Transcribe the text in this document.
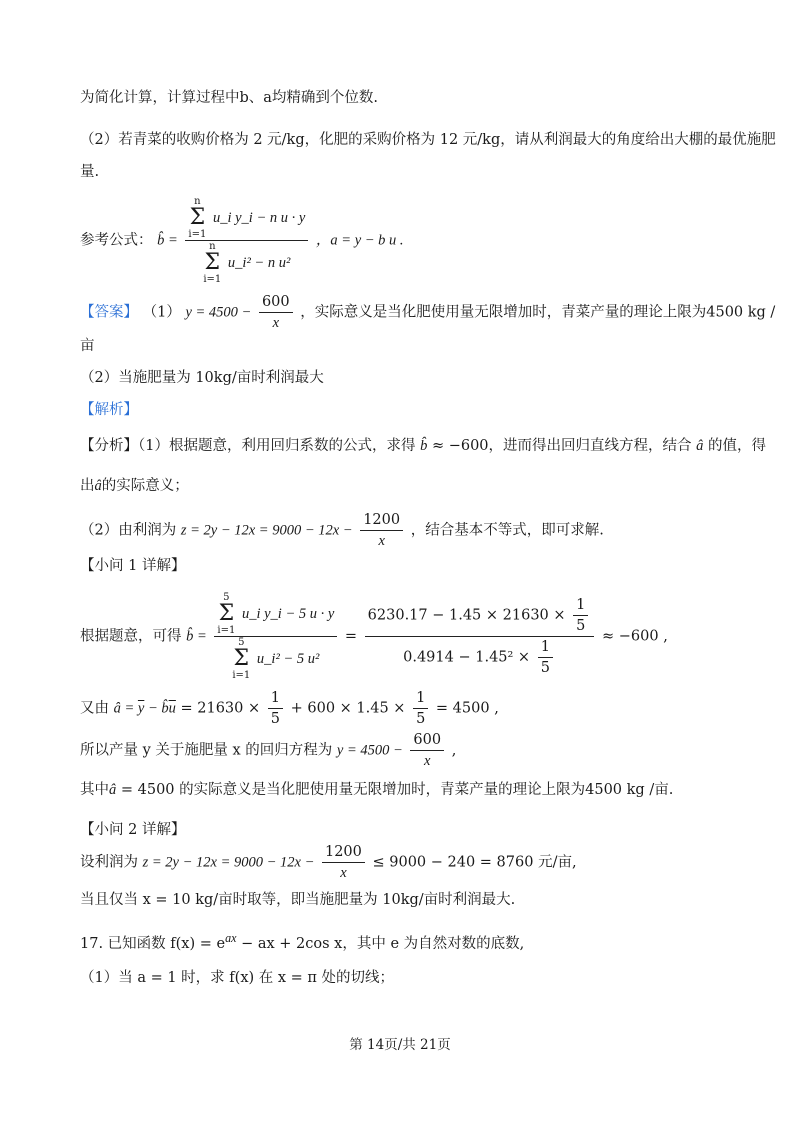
为简化计算，计算过程中b、a均精确到个位数.
（2）若青菜的收购价格为 2 元/kg，化肥的采购价格为 12 元/kg，请从利润最大的角度给出大棚的最优施肥
量.
参考公式： b̂ =
n
Σ
i=1 u_i y_i − n u · y
n
Σ
i=1 u_i² − n u²
，a = y − b u .
【答案】 （1） $y = 4500 - \frac{600}{x}$ ，实际意义是当化肥使用量无限增加时，青菜产量的理论上限为4500 kg /
亩
（2）当施肥量为 10kg/亩时利润最大
【解析】
【分析】（1）根据题意，利用回归系数的公式，求得 b̂ ≈ −600，进而得出回归直线方程，结合 â 的值，得
出â的实际意义；
（2）由利润为 $z = 2y - 12x = 9000 - 12x - \frac{1200}{x}$ ，结合基本不等式，即可求解.
【小问 1 详解】
根据题意，可得 b̂ =
5
Σ
i=1 u_i y_i − 5 u · y
5
Σ
i=1 u_i² − 5 u²
= $\frac{6230.17 - 1.45 \times 21630 \times \frac{1}{5}}{0.4914 - 1.45^2 \times \frac{1}{5}} \approx -600$ ,
又由 â = $\overline{y}$ − $b̂\overline{u} = 21630 \times \frac{1}{5} + 600 \times 1.45 \times \frac{1}{5} = 4500$ ,
所以产量 y 关于施肥量 x 的回归方程为 $y = 4500 - \frac{600}{x}$ ,
其中â = 4500 的实际意义是当化肥使用量无限增加时，青菜产量的理论上限为4500 kg /亩.
【小问 2 详解】
设利润为 $z = 2y - 12x = 9000 - 12x - \frac{1200}{x} \le 9000 - 240 = 8760$ 元/亩,
当且仅当 x = 10 kg/亩时取等，即当施肥量为 10kg/亩时利润最大.
17. 已知函数 $f(x) = e^{ax}$ − ax + 2cos x，其中 e 为自然对数的底数,
（1）当 a = 1 时，求 f(x) 在 x = π 处的切线；
第 14页/共 21页
